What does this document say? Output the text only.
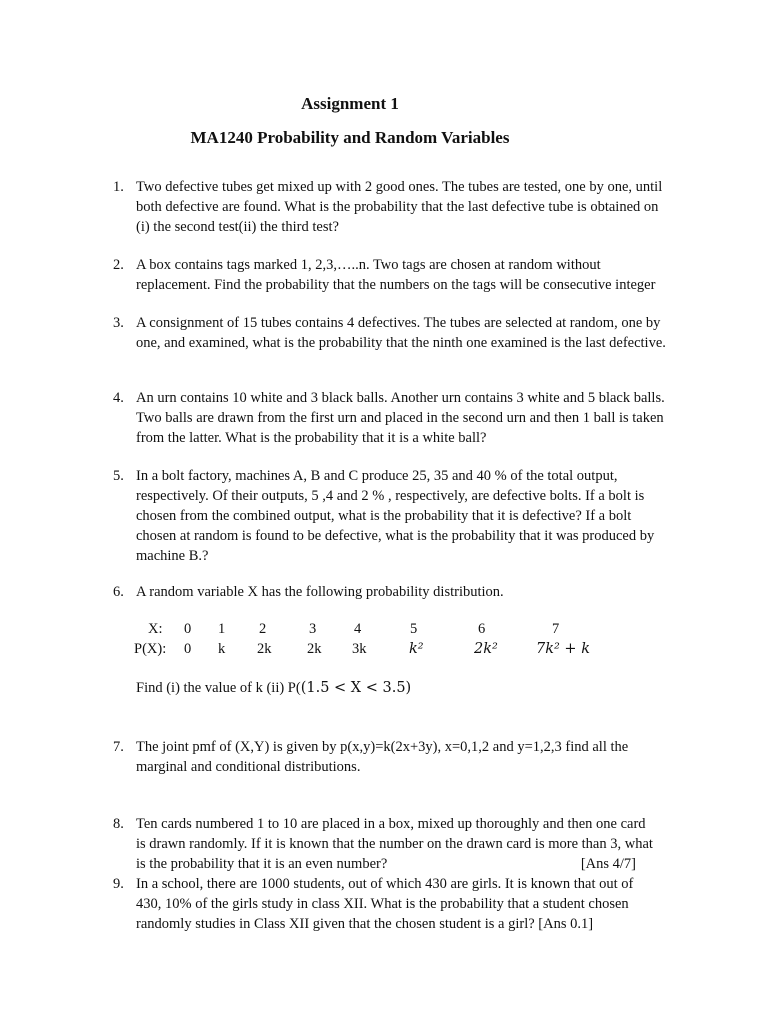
Assignment 1
MA1240 Probability and Random Variables
1. Two defective tubes get mixed up with 2 good ones. The tubes are tested, one by one, until
both defective are found. What is the probability that the last defective tube is obtained on
(i) the second test(ii) the third test?
2. A box contains tags marked 1, 2,3,…..n. Two tags are chosen at random without
replacement. Find the probability that the numbers on the tags will be consecutive integer
3. A consignment of 15 tubes contains 4 defectives. The tubes are selected at random, one by
one, and examined, what is the probability that the ninth one examined is the last defective.
4. An urn contains 10 white and 3 black balls. Another urn contains 3 white and 5 black balls.
Two balls are drawn from the first urn and placed in the second urn and then 1 ball is taken
from the latter. What is the probability that it is a white ball?
5. In a bolt factory, machines A, B and C produce 25, 35 and 40 % of the total output,
respectively. Of their outputs, 5 ,4 and 2 % , respectively, are defective bolts. If a bolt is
chosen from the combined output, what is the probability that it is defective? If a bolt
chosen at random is found to be defective, what is the probability that it was produced by
machine B.?
6. A random variable X has the following probability distribution.
X: 0 1 2	3	4	5	6	7
P(X): 0 k 2k 2k 3k	k²	2k²	7k² + k
Find (i) the value of k (ii) P((1.5 < X < 3.5)
7. The joint pmf of (X,Y) is given by p(x,y)=k(2x+3y), x=0,1,2 and y=1,2,3 find all the
marginal and conditional distributions.
8. Ten cards numbered 1 to 10 are placed in a box, mixed up thoroughly and then one card
is drawn randomly. If it is known that the number on the drawn card is more than 3, what
is the probability that it is an even number?	[Ans 4/7]
9. In a school, there are 1000 students, out of which 430 are girls. It is known that out of
430, 10% of the girls study in class XII. What is the probability that a student chosen
randomly studies in Class XII given that the chosen student is a girl? [Ans 0.1]
